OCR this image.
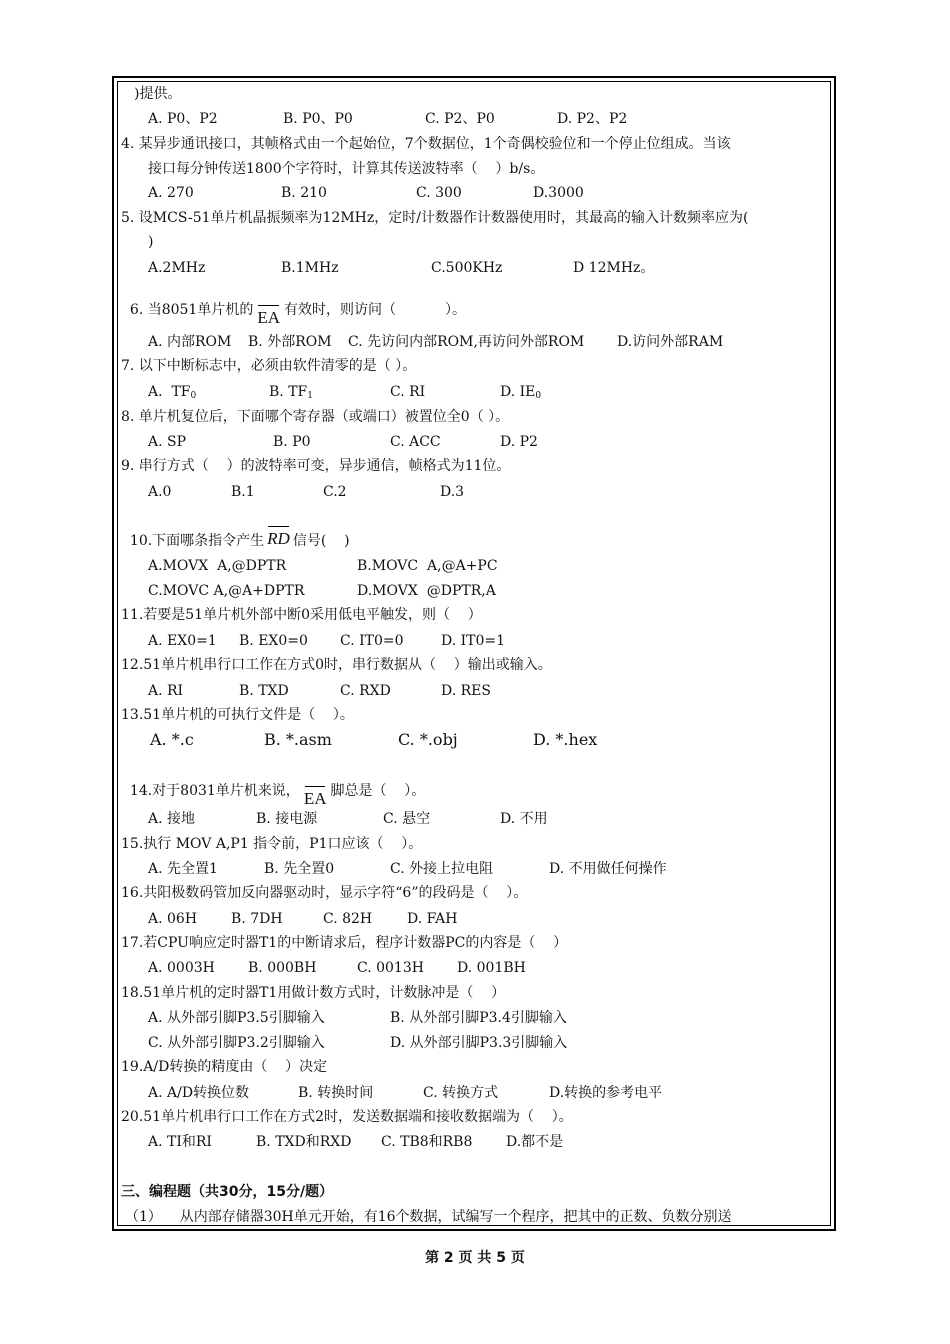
)提供。
A. P0、P2	B. P0、P0	C. P2、P0	D. P2、P2
4. 某异步通讯接口，其帧格式由一个起始位，7个数据位，1个奇偶校验位和一个停止位组成。当该
接口每分钟传送1800个字符时，计算其传送波特率（    ）b/s。
A. 270	B. 210	C. 300	D.3000
5. 设MCS-51单片机晶振频率为12MHz，定时/计数器作计数器使用时，其最高的输入计数频率应为(
)
A.2MHz	B.1MHz	C.500KHz	D 12MHz。

6. 当8051单片机的 EA 有效时，则访问（           ）。

A. 内部ROM B. 外部ROM C. 先访问内部ROM,再访问外部ROM D.访问外部RAM
7. 以下中断标志中，必须由软件清零的是（ ）。
A.  $TF_0$	B. $TF_1$	C. RI	D. $IE_0$
8. 单片机复位后，下面哪个寄存器（或端口）被置位全0（ ）。
A. SP	B. P0	C. ACC	D. P2
9. 串行方式（    ）的波特率可变，异步通信，帧格式为11位。
A.0	B.1	C.2	D.3

10.下面哪条指令产生 RD 信号(    )

A.MOVX  A,@DPTR	B.MOVC  A,@A+PC
C.MOVC A,@A+DPTR	D.MOVX  @DPTR,A
11.若要是51单片机外部中断0采用低电平触发，则（    ）
A. EX0=1 B. EX0=0 C. IT0=0	D. IT0=1
12.51单片机串行口工作在方式0时，串行数据从（    ）输出或输入。
A. RI	B. TXD	C. RXD	D. RES
13.51单片机的可执行文件是（    ）。
A. *.c	B. *.asm	C. *.obj	D. *.hex

14.对于8031单片机来说， EA 脚总是（    ）。

A. 接地	B. 接电源	C. 悬空	D. 不用
15.执行 MOV A,P1 指令前，P1口应该（    ）。
A. 先全置1	B. 先全置0	C. 外接上拉电阻	D. 不用做任何操作
16.共阳极数码管加反向器驱动时，显示字符“6”的段码是（    ）。
A. 06H B. 7DH	C. 82H D. FAH
17.若CPU响应定时器T1的中断请求后，程序计数器PC的内容是（    ）
A. 0003H B. 000BH	C. 0013H D. 001BH
18.51单片机的定时器T1用做计数方式时，计数脉冲是（    ）
A. 从外部引脚P3.5引脚输入	B. 从外部引脚P3.4引脚输入
C. 从外部引脚P3.2引脚输入	D. 从外部引脚P3.3引脚输入
19.A/D转换的精度由（    ）决定
A. A/D转换位数	B. 转换时间	C. 转换方式	D.转换的参考电平
20.51单片机串行口工作在方式2时，发送数据端和接收数据端为（    ）。
A. TI和RI	B. TXD和RXD C. TB8和RB8 D.都不是
三、编程题（共30分，15分/题）
（1）    从内部存储器30H单元开始，有16个数据，试编写一个程序，把其中的正数、负数分别送
第 2 页 共 5 页
